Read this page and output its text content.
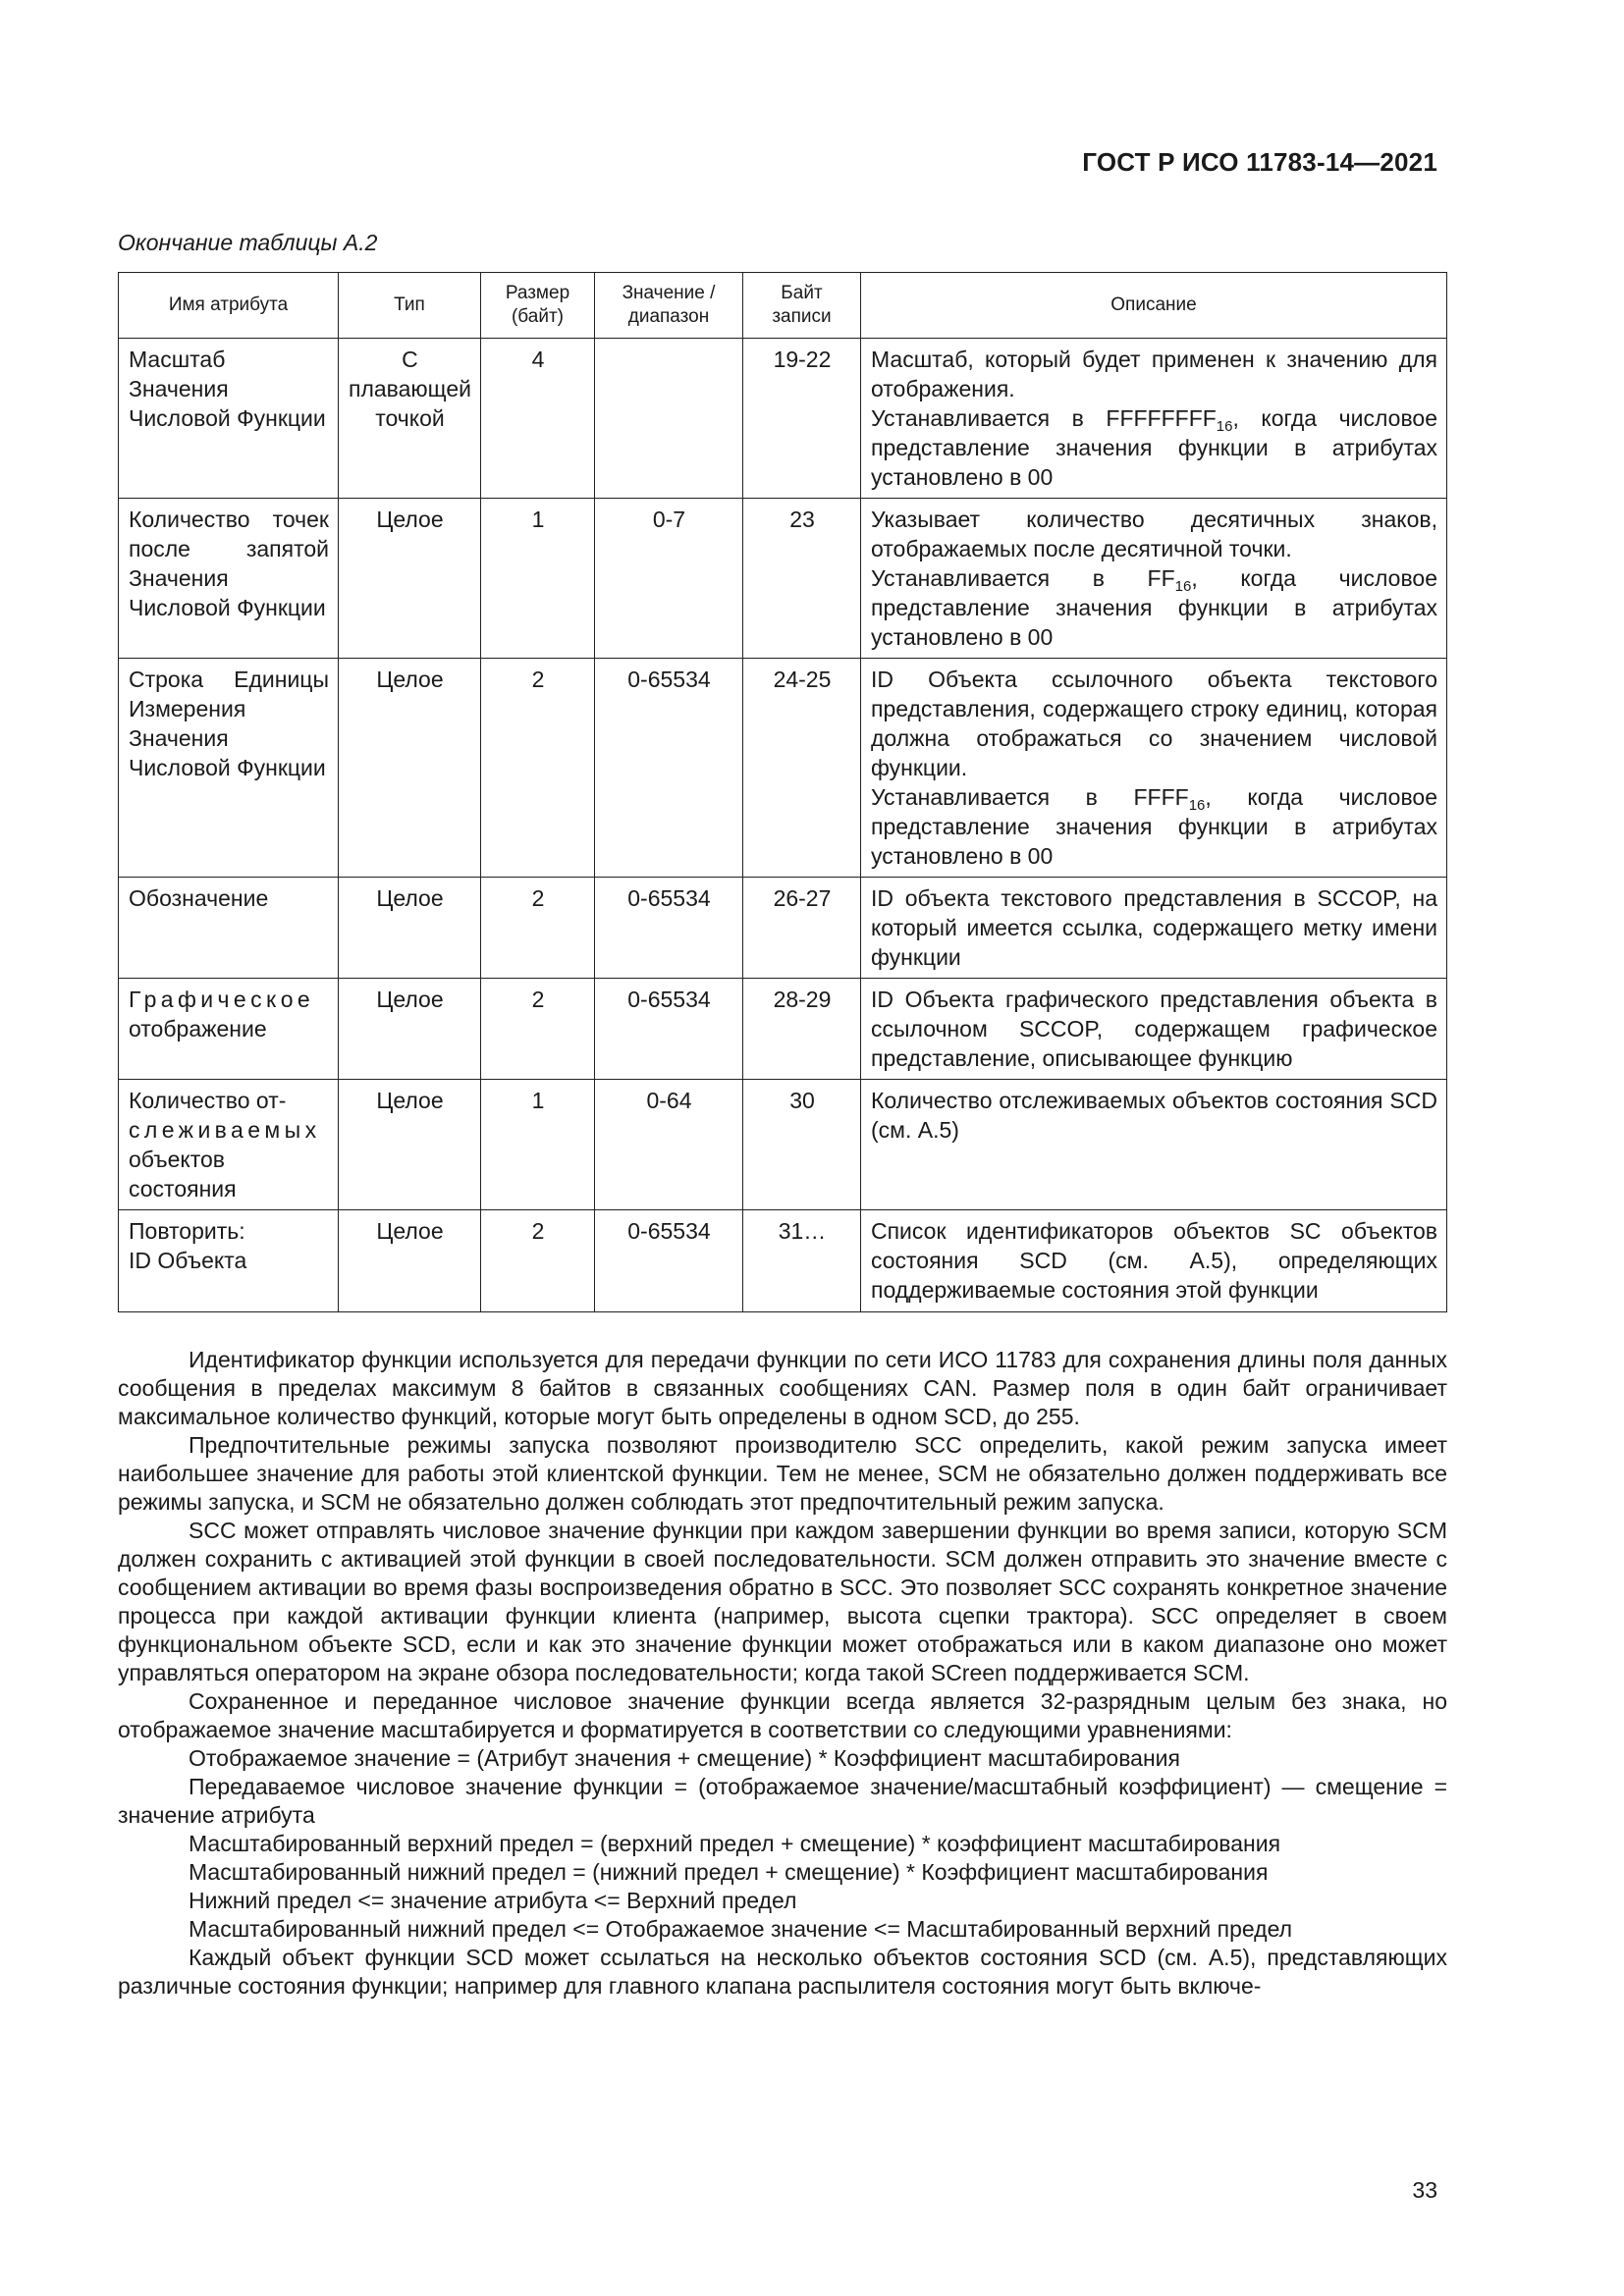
ГОСТ Р ИСО 11783-14—2021
Окончание таблицы А.2
Имя атрибута	Тип	Размер (байт)	Значение / диапазон	Байт записи	Описание
Масштаб Значения Числовой Функции	С плавающей точкой	4		19-22	Масштаб, который будет применен к значению для отображения.

Устанавливается в $FFFFFFFF_{16}$, когда числовое представление значения функции в атрибутах установлено в 00

Количество точек после запятой Значения Числовой Функции	Целое	1	0-7	23	Указывает количество десятичных знаков, отображаемых после десятичной точки.

Устанавливается в $FF_{16}$, когда числовое представление значения функции в атрибутах установлено в 00

Строка Единицы Измерения Значения Числовой Функции	Целое	2	0-65534	24-25	ID Объекта ссылочного объекта текстового представления, содержащего строку единиц, которая должна отображаться со значением числовой функции.

Устанавливается в $FFFF_{16}$, когда числовое представление значения функции в атрибутах установлено в 00

Обозначение	Целое	2	0-65534	26-27	ID объекта текстового представления в SCCOP, на который имеется ссылка, содержащего метку имени функции

Графическое
отображение	Целое	2	0-65534	28-29	ID Объекта графического представления объекта в ссылочном SCCOP, содержащем графическое представление, описывающее функцию

Количество от-
слеживаемых
объектов состояния	Целое	1	0-64	30	Количество отслеживаемых объектов состояния SCD (см. А.5)

Повторить:
ID Объекта	Целое	2	0-65534	31…	Список идентификаторов объектов SC объектов состояния SCD (см. А.5), определяющих поддерживаемые состояния этой функции

Идентификатор функции используется для передачи функции по сети ИСО 11783 для сохранения длины поля данных сообщения в пределах максимум 8 байтов в связанных сообщениях CAN. Размер поля в один байт ограничивает максимальное количество функций, которые могут быть определены в одном SCD, до 255.

Предпочтительные режимы запуска позволяют производителю SCC определить, какой режим запуска имеет наибольшее значение для работы этой клиентской функции. Тем не менее, SCM не обязательно должен поддерживать все режимы запуска, и SCM не обязательно должен соблюдать этот предпочтительный режим запуска.

SCC может отправлять числовое значение функции при каждом завершении функции во время записи, которую SCM должен сохранить с активацией этой функции в своей последовательности. SCM должен отправить это значение вместе с сообщением активации во время фазы воспроизведения обратно в SCC. Это позволяет SCC сохранять конкретное значение процесса при каждой активации функции клиента (например, высота сцепки трактора). SCC определяет в своем функциональном объекте SCD, если и как это значение функции может отображаться или в каком диапазоне оно может управляться оператором на экране обзора последовательности; когда такой SCreen поддерживается SCM.

Сохраненное и переданное числовое значение функции всегда является 32-разрядным целым без знака, но отображаемое значение масштабируется и форматируется в соответствии со следующими уравнениями:

Отображаемое значение = (Атрибут значения + смещение) * Коэффициент масштабирования

Передаваемое числовое значение функции = (отображаемое значение/масштабный коэффициент) — смещение = значение атрибута

Масштабированный верхний предел = (верхний предел + смещение) * коэффициент масштабирования

Масштабированный нижний предел = (нижний предел + смещение) * Коэффициент масштабирования

Нижний предел <= значение атрибута <= Верхний предел

Масштабированный нижний предел <= Отображаемое значение <= Масштабированный верхний предел

Каждый объект функции SCD может ссылаться на несколько объектов состояния SCD (см. А.5), представляющих различные состояния функции; например для главного клапана распылителя состояния могут быть включе-

33
